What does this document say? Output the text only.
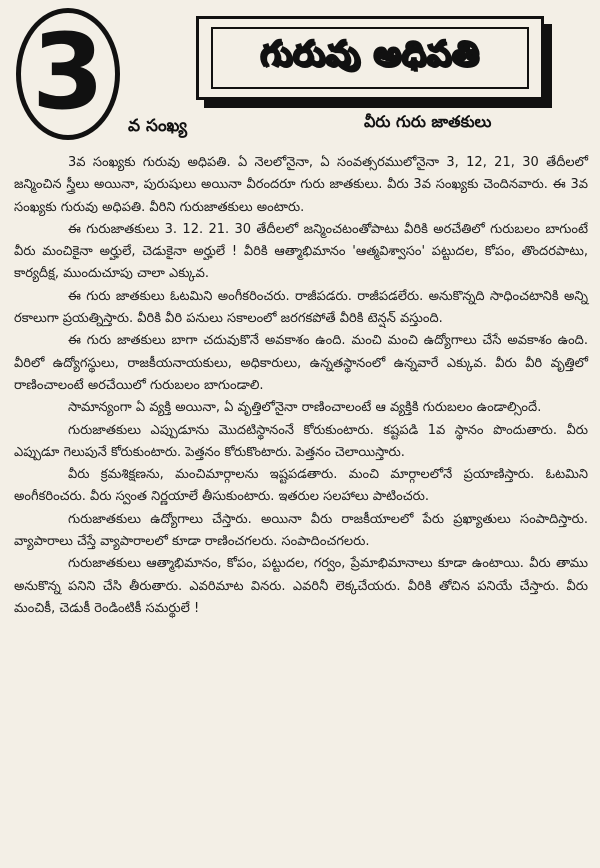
3	గురువు అధిపతి
వ సంఖ్య	వీరు గురు జాతకులు

3వ సంఖ్యకు గురువు అధిపతి. ఏ నెలలోనైనా, ఏ సంవత్సరములోనైనా 3, 12, 21, 30 తేదీలలో జన్మించిన స్త్రీలు అయినా, పురుషులు అయినా వీరందరూ గురు జాతకులు. వీరు 3వ సంఖ్యకు చెందినవారు. ఈ 3వ సంఖ్యకు గురువు అధిపతి. వీరిని గురుజాతకులు అంటారు.

ఈ గురుజాతకులు 3. 12. 21. 30 తేదీలలో జన్మించటంతోపాటు వీరికి అరచేతిలో గురుబలం బాగుంటే వీరు మంచికైనా అర్హులే, చెడుకైనా అర్హులే ! వీరికి ఆత్మాభిమానం 'ఆత్మవిశ్వాసం' పట్టుదల, కోపం, తొందరపాటు, కార్యదీక్ష, ముందుచూపు చాలా ఎక్కువ.

ఈ గురు జాతకులు ఓటమిని అంగీకరించరు. రాజీపడరు. రాజీపడలేరు. అనుకొన్నది సాధించటానికి అన్ని రకాలుగా ప్రయత్నిస్తారు. వీరికి వీరి పనులు సకాలంలో జరగకపోతే వీరికి టెన్షన్ వస్తుంది.

ఈ గురు జాతకులు బాగా చదువుకొనే అవకాశం ఉంది. మంచి మంచి ఉద్యోగాలు చేసే అవకాశం ఉంది. వీరిలో ఉద్యోగస్థులు, రాజకీయనాయకులు, అధికారులు, ఉన్నతస్థానంలో ఉన్నవారే ఎక్కువ. వీరు వీరి వృత్తిలో రాణించాలంటే అరచేయిలో గురుబలం బాగుండాలి.

సామాన్యంగా ఏ వ్యక్తి అయినా, ఏ వృత్తిలోనైనా రాణించాలంటే ఆ వ్యక్తికి గురుబలం ఉండాల్సిందే.

గురుజాతకులు ఎప్పుడూను మొదటిస్థానంనే కోరుకుంటారు. కష్టపడి 1వ స్థానం పొందుతారు. వీరు ఎప్పుడూ గెలుపునే కోరుకుంటారు. పెత్తనం కోరుకొంటారు. పెత్తనం చెలాయిస్తారు.

వీరు క్రమశిక్షణను, మంచిమార్గాలను ఇష్టపడతారు. మంచి మార్గాలలోనే ప్రయాణిస్తారు. ఓటమిని అంగీకరించరు. వీరు స్వంత నిర్ణయాలే తీసుకుంటారు. ఇతరుల సలహాలు పాటించరు.

గురుజాతకులు ఉద్యోగాలు చేస్తారు. అయినా వీరు రాజకీయాలలో పేరు ప్రఖ్యాతులు సంపాదిస్తారు. వ్యాపారాలు చేస్తే వ్యాపారాలలో కూడా రాణించగలరు. సంపాదించగలరు.

గురుజాతకులు ఆత్మాభిమానం, కోపం, పట్టుదల, గర్వం, ప్రేమాభిమానాలు కూడా ఉంటాయి. వీరు తాము అనుకొన్న పనిని చేసి తీరుతారు. ఎవరిమాట వినరు. ఎవరినీ లెక్కచేయరు. వీరికి తోచిన పనియే చేస్తారు. వీరు మంచికీ, చెడుకీ రెండింటికీ సమర్థులే !
